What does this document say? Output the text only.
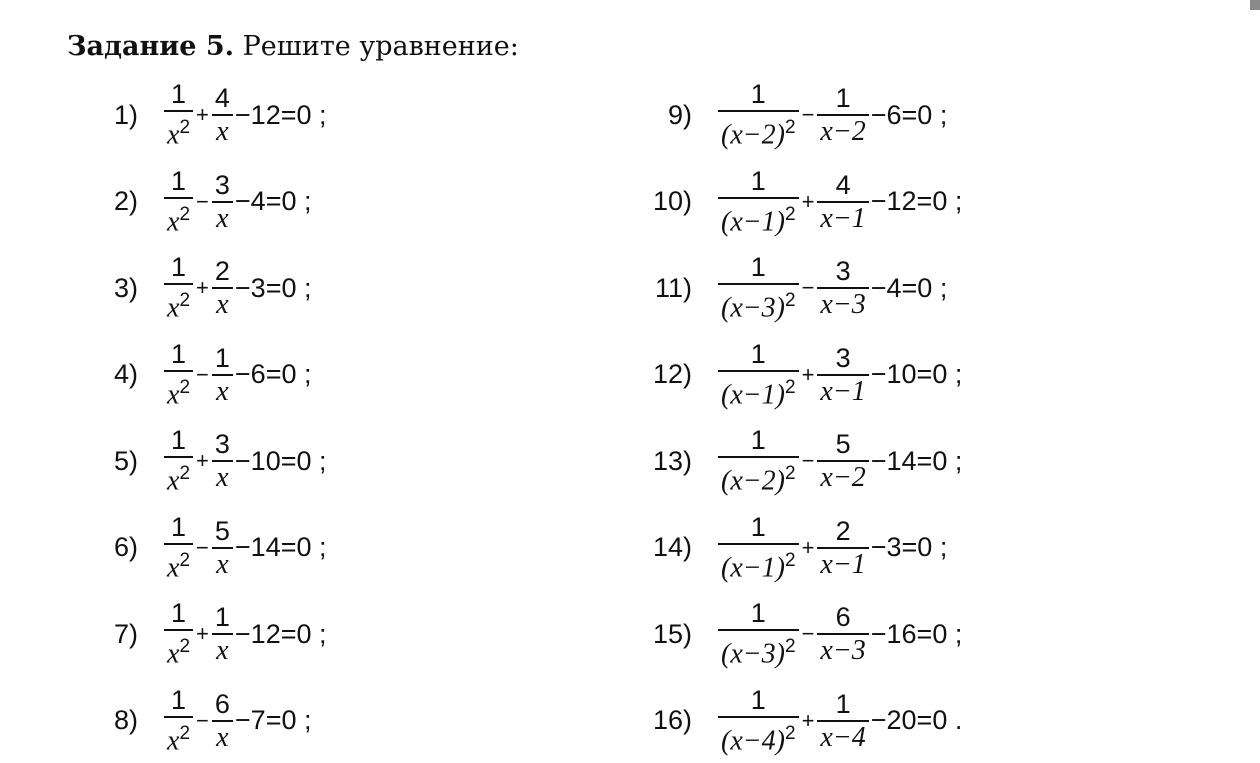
Задание 5. Решите уравнение:
$1) \frac{1}{x^2} + \frac{4}{x} -12=0$ ;
$2) \frac{1}{x^2} - \frac{3}{x} -4=0$ ;
$3) \frac{1}{x^2} + \frac{2}{x} -3=0$ ;
$4) \frac{1}{x^2} - \frac{1}{x} -6=0$ ;
$5) \frac{1}{x^2} + \frac{3}{x} -10=0$ ;
$6) \frac{1}{x^2} - \frac{5}{x} -14=0$ ;
$7) \frac{1}{x^2} + \frac{1}{x} -12=0$ ;
$8) \frac{1}{x^2} - \frac{6}{x} -7=0$ ;
$9) \frac{1}{(x-2)^2} - \frac{1}{x-2} -6=0$ ;
$10) \frac{1}{(x-1)^2} + \frac{4}{x-1} -12=0$ ;
$11) \frac{1}{(x-3)^2} - \frac{3}{x-3} -4=0$ ;
$12) \frac{1}{(x-1)^2} + \frac{3}{x-1} -10=0$ ;
$13) \frac{1}{(x-2)^2} - \frac{5}{x-2} -14=0$ ;
$14) \frac{1}{(x-1)^2} + \frac{2}{x-1} -3=0$ ;
$15) \frac{1}{(x-3)^2} - \frac{6}{x-3} -16=0$ ;
$16) \frac{1}{(x-4)^2} + \frac{1}{x-4} -20=0$ .
